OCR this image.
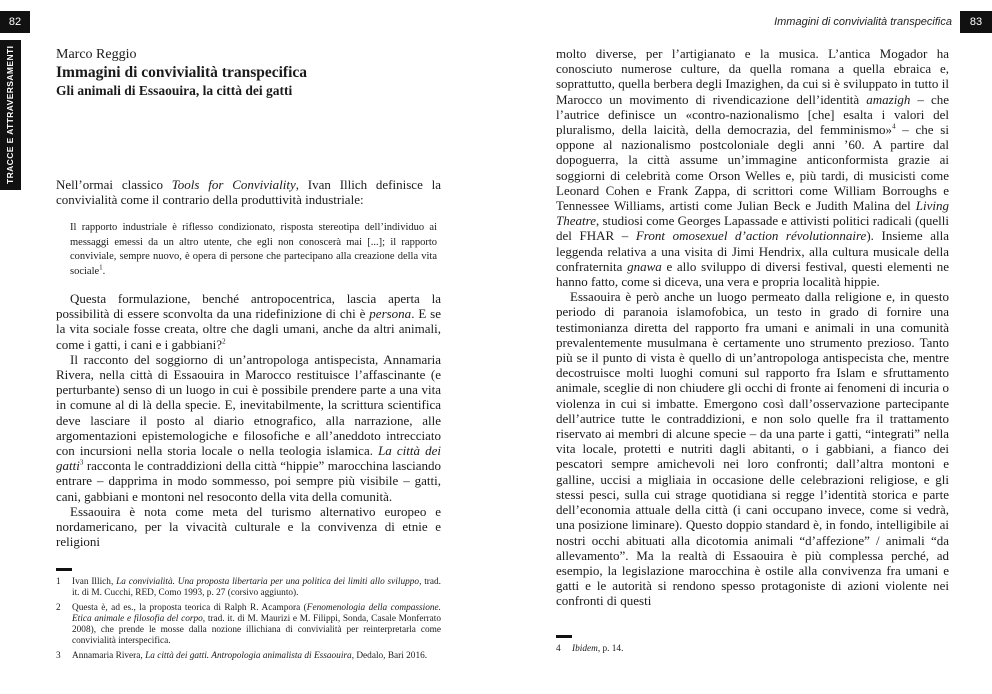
82
TRACCE E ATTRAVERSAMENTI
Immagini di convivialità transpecifica	83

Marco Reggio

Immagini di convivialità transpecifica

Gli animali di Essaouira, la città dei gatti

Nell’ormai classico Tools for Conviviality, Ivan Illich definisce la convivialità come il contrario della produttività industriale:

Il rapporto industriale è riflesso condizionato, risposta stereotipa dell’individuo ai messaggi emessi da un altro utente, che egli non conoscerà mai [...]; il rapporto conviviale, sempre nuovo, è opera di persone che partecipano alla creazione della vita sociale$^1$.

Questa formulazione, benché antropocentrica, lascia aperta la possibilità di essere sconvolta da una ridefinizione di chi è persona. E se la vita sociale fosse creata, oltre che dagli umani, anche da altri animali, come i gatti, i cani e i gabbiani?$^2$

Il racconto del soggiorno di un’antropologa antispecista, Annamaria Rivera, nella città di Essaouira in Marocco restituisce l’affascinante (e perturbante) senso di un luogo in cui è possibile prendere parte a una vita in comune al di là della specie. E, inevitabilmente, la scrittura scientifica deve lasciare il posto al diario etnografico, alla narrazione, alle argomentazioni epistemologiche e filosofiche e all’aneddoto intrecciato con incursioni nella storia locale o nella teologia islamica. La città dei gatti$^3$ racconta le contraddizioni della città “hippie” marocchina lasciando entrare – dapprima in modo sommesso, poi sempre più visibile – gatti, cani, gabbiani e montoni nel resoconto della vita della comunità.

Essaouira è nota come meta del turismo alternativo europeo e nordamericano, per la vivacità culturale e la convivenza di etnie e religioni

1	Ivan Illich, La convivialità. Una proposta libertaria per una politica dei limiti allo sviluppo, trad. it. di M. Cucchi, RED, Como 1993, p. 27 (corsivo aggiunto).
2	Questa è, ad es., la proposta teorica di Ralph R. Acampora (Fenomenologia della compassione. Etica animale e filosofia del corpo, trad. it. di M. Maurizi e M. Filippi, Sonda, Casale Monferrato 2008), che prende le mosse dalla nozione illichiana di convivialità per reinterpretarla come convivialità interspecifica.
3	Annamaria Rivera, La città dei gatti. Antropologia animalista di Essaouira, Dedalo, Bari 2016.

molto diverse, per l’artigianato e la musica. L’antica Mogador ha conosciuto numerose culture, da quella romana a quella ebraica e, soprattutto, quella berbera degli Imazighen, da cui si è sviluppato in tutto il Marocco un movimento di rivendicazione dell’identità amazigh – che l’autrice definisce un «contro-nazionalismo [che] esalta i valori del pluralismo, della laicità, della democrazia, del femminismo»$^4$ – che si oppone al nazionalismo postcoloniale degli anni ’60. A partire dal dopoguerra, la città assume un’immagine anticonformista grazie ai soggiorni di celebrità come Orson Welles e, più tardi, di musicisti come Leonard Cohen e Frank Zappa, di scrittori come William Borroughs e Tennessee Williams, artisti come Julian Beck e Judith Malina del Living Theatre, studiosi come Georges Lapassade e attivisti politici radicali (quelli del FHAR – Front omosexuel d’action révolutionnaire). Insieme alla leggenda relativa a una visita di Jimi Hendrix, alla cultura musicale della confraternita gnawa e allo sviluppo di diversi festival, questi elementi ne hanno fatto, come si diceva, una vera e propria località hippie.

Essaouira è però anche un luogo permeato dalla religione e, in questo periodo di paranoia islamofobica, un testo in grado di fornire una testimonianza diretta del rapporto fra umani e animali in una comunità prevalentemente musulmana è certamente uno strumento prezioso. Tanto più se il punto di vista è quello di un’antropologa antispecista che, mentre decostruisce molti luoghi comuni sul rapporto fra Islam e sfruttamento animale, sceglie di non chiudere gli occhi di fronte ai fenomeni di incuria o violenza in cui si imbatte. Emergono così dall’osservazione partecipante dell’autrice tutte le contraddizioni, e non solo quelle fra il trattamento riservato ai membri di alcune specie – da una parte i gatti, “integrati” nella vita locale, protetti e nutriti dagli abitanti, o i gabbiani, a fianco dei pescatori sempre amichevoli nei loro confronti; dall’altra montoni e galline, uccisi a migliaia in occasione delle celebrazioni religiose, e gli stessi pesci, sulla cui strage quotidiana si regge l’identità storica e parte dell’economia attuale della città (i cani occupano invece, come si vedrà, una posizione liminare). Questo doppio standard è, in fondo, intelligibile ai nostri occhi abituati alla dicotomia animali “d’affezione” / animali “da allevamento”. Ma la realtà di Essaouira è più complessa perché, ad esempio, la legislazione marocchina è ostile alla convivenza fra umani e gatti e le autorità si rendono spesso protagoniste di azioni violente nei confronti di questi

4	Ibidem, p. 14.
